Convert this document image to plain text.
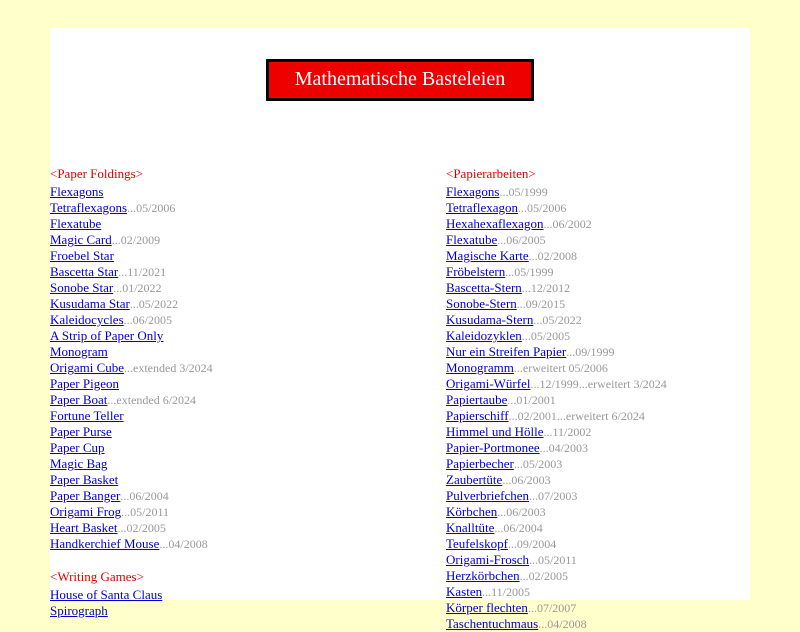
Mathematische Basteleien
<Paper Foldings>
Flexagons
Tetraflexagons...05/2006
Flexatube
Magic Card...02/2009
Froebel Star
Bascetta Star...11/2021
Sonobe Star...01/2022
Kusudama Star...05/2022
Kaleidocycles...06/2005
A Strip of Paper Only
Monogram
Origami Cube...extended 3/2024
Paper Pigeon
Paper Boat...extended 6/2024
Fortune Teller
Paper Purse
Paper Cup
Magic Bag
Paper Basket
Paper Banger...06/2004
Origami Frog...05/2011
Heart Basket...02/2005
Handkerchief Mouse...04/2008
<Writing Games>
House of Santa Claus
Spirograph
<Papierarbeiten>
Flexagons...05/1999
Tetraflexagon...05/2006
Hexahexaflexagon...06/2002
Flexatube...06/2005
Magische Karte...02/2008
Fröbelstern...05/1999
Bascetta-Stern...12/2012
Sonobe-Stern...09/2015
Kusudama-Stern...05/2022
Kaleidozyklen...05/2005
Nur ein Streifen Papier...09/1999
Monogramm...erweitert 05/2006
Origami-Würfel...12/1999...erweitert 3/2024
Papiertaube...01/2001
Papierschiff...02/2001...erweitert 6/2024
Himmel und Hölle...11/2002
Papier-Portmonee...04/2003
Papierbecher...05/2003
Zaubertüte...06/2003
Pulverbriefchen...07/2003
Körbchen...06/2003
Knalltüte...06/2004
Teufelskopf...09/2004
Origami-Frosch...05/2011
Herzkörbchen...02/2005
Kasten...11/2005
Körper flechten...07/2007
Taschentuchmaus...04/2008
